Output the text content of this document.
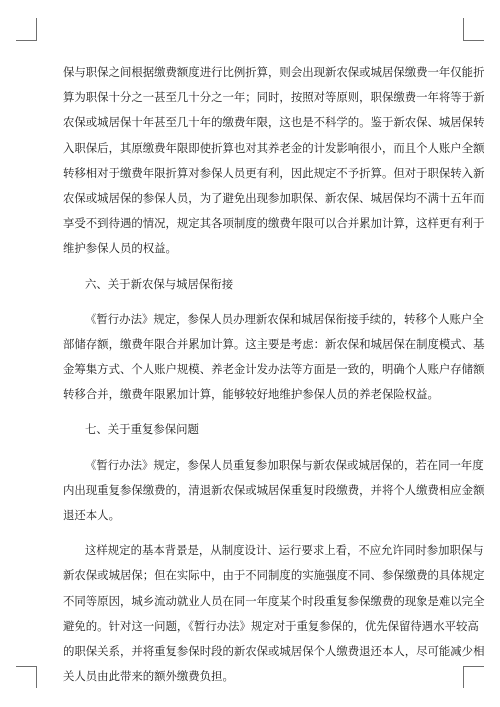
保与职保之间根据缴费额度进行比例折算，则会出现新农保或城居保缴费一年仅能折
算为职保十分之一甚至几十分之一年；同时，按照对等原则，职保缴费一年将等于新
农保或城居保十年甚至几十年的缴费年限，这也是不科学的。鉴于新农保、城居保转
入职保后，其原缴费年限即使折算也对其养老金的计发影响很小，而且个人账户全额
转移相对于缴费年限折算对参保人员更有利，因此规定不予折算。但对于职保转入新
农保或城居保的参保人员，为了避免出现参加职保、新农保、城居保均不满十五年而
享受不到待遇的情况，规定其各项制度的缴费年限可以合并累加计算，这样更有利于
维护参保人员的权益。
六、关于新农保与城居保衔接
《暂行办法》规定，参保人员办理新农保和城居保衔接手续的，转移个人账户全
部储存额，缴费年限合并累加计算。这主要是考虑：新农保和城居保在制度模式、基
金筹集方式、个人账户规模、养老金计发办法等方面是一致的，明确个人账户存储额
转移合并，缴费年限累加计算，能够较好地维护参保人员的养老保险权益。
七、关于重复参保问题
《暂行办法》规定，参保人员重复参加职保与新农保或城居保的，若在同一年度
内出现重复参保缴费的，清退新农保或城居保重复时段缴费，并将个人缴费相应金额
退还本人。
这样规定的基本背景是，从制度设计、运行要求上看，不应允许同时参加职保与
新农保或城居保；但在实际中，由于不同制度的实施强度不同、参保缴费的具体规定
不同等原因，城乡流动就业人员在同一年度某个时段重复参保缴费的现象是难以完全
避免的。针对这一问题，《暂行办法》规定对于重复参保的，优先保留待遇水平较高
的职保关系，并将重复参保时段的新农保或城居保个人缴费退还本人，尽可能减少相
关人员由此带来的额外缴费负担。
